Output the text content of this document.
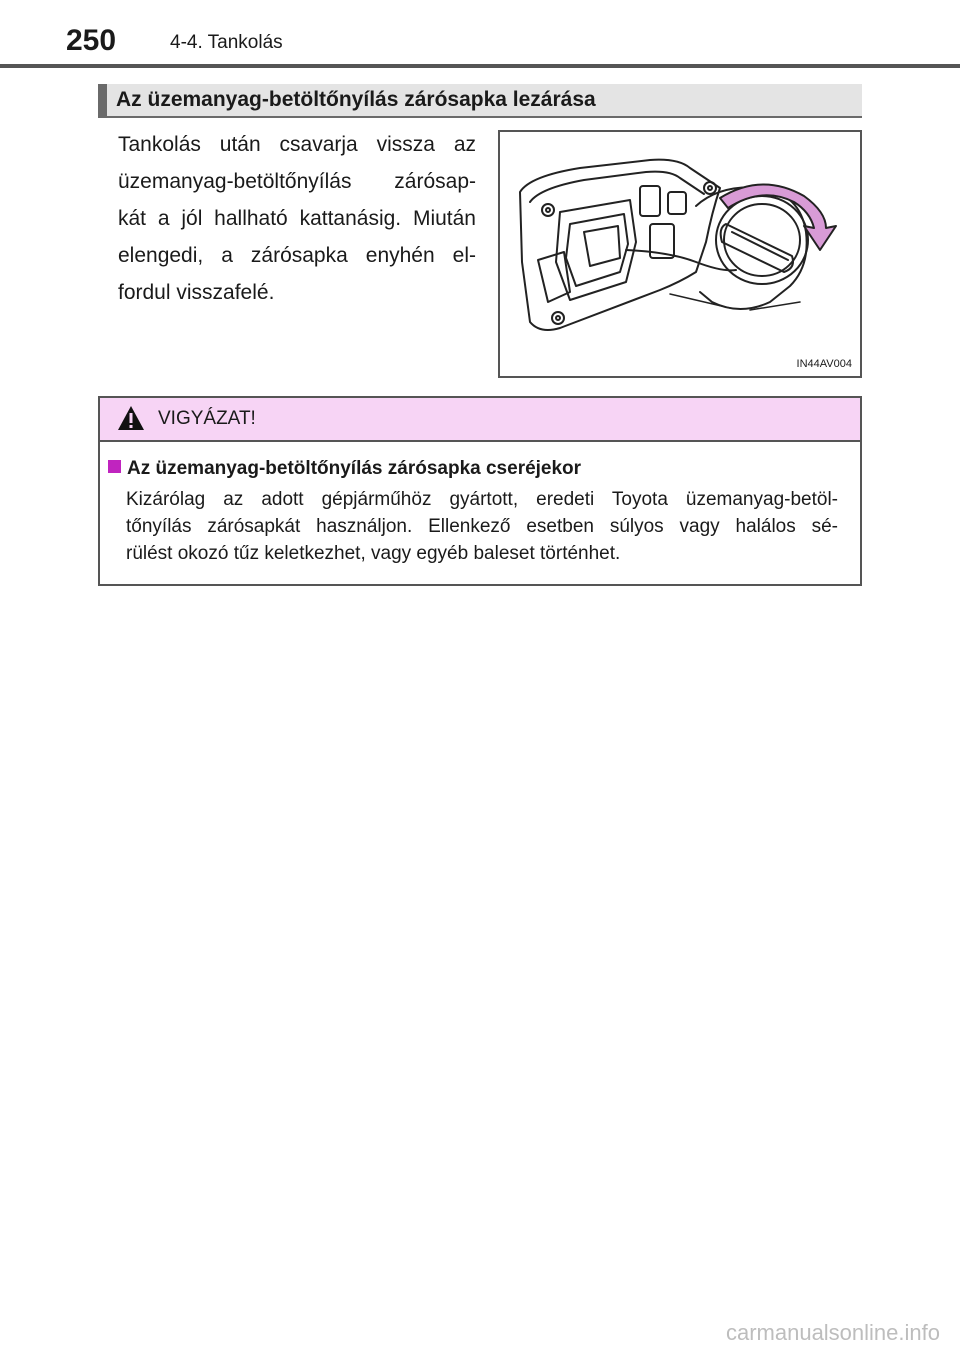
250	4-4. Tankolás
Az üzemanyag-betöltőnyílás zárósapka lezárása
Tankolás után csavarja vissza az
üzemanyag-betöltőnyílás zárósap-
kát a jól hallható kattanásig. Miután
elengedi, a zárósapka enyhén el-
fordul visszafelé.
IN44AV004
VIGYÁZAT!
Az üzemanyag-betöltőnyílás zárósapka cseréjekor
Kizárólag az adott gépjárműhöz gyártott, eredeti Toyota üzemanyag-betöl-
tőnyílás zárósapkát használjon. Ellenkező esetben súlyos vagy halálos sé-
rülést okozó tűz keletkezhet, vagy egyéb baleset történhet.
carmanualsonline.info
